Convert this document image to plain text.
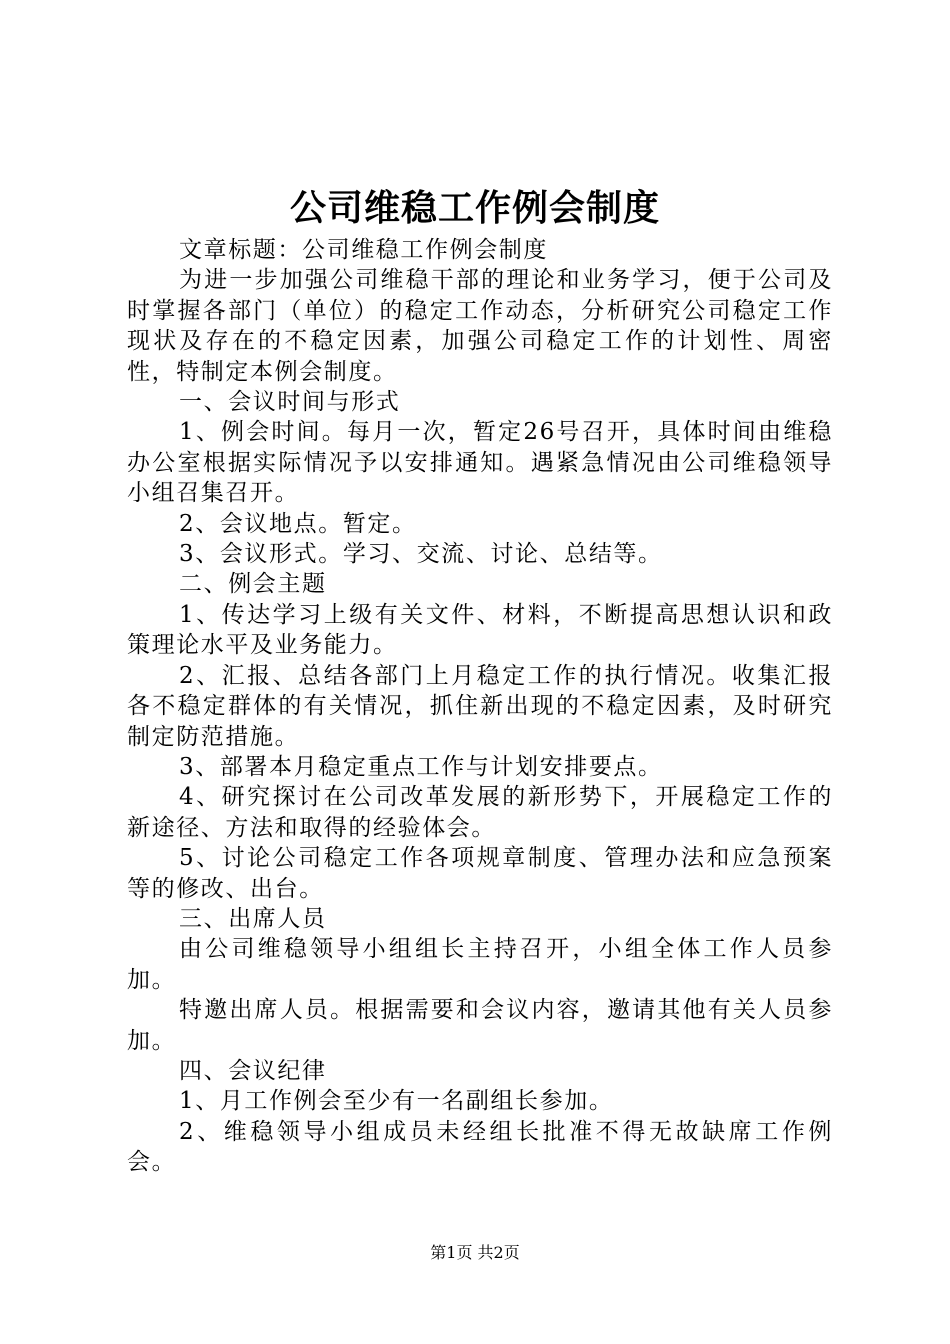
公司维稳工作例会制度

文章标题：公司维稳工作例会制度

为进一步加强公司维稳干部的理论和业务学习，便于公司及时掌握各部门（单位）的稳定工作动态，分析研究公司稳定工作现状及存在的不稳定因素，加强公司稳定工作的计划性、周密性，特制定本例会制度。

一、会议时间与形式

1、例会时间。每月一次，暂定26号召开，具体时间由维稳办公室根据实际情况予以安排通知。遇紧急情况由公司维稳领导小组召集召开。

2、会议地点。暂定。

3、会议形式。学习、交流、讨论、总结等。

二、例会主题

1、传达学习上级有关文件、材料，不断提高思想认识和政策理论水平及业务能力。

2、汇报、总结各部门上月稳定工作的执行情况。收集汇报各不稳定群体的有关情况，抓住新出现的不稳定因素，及时研究制定防范措施。

3、部署本月稳定重点工作与计划安排要点。

4、研究探讨在公司改革发展的新形势下，开展稳定工作的新途径、方法和取得的经验体会。

5、讨论公司稳定工作各项规章制度、管理办法和应急预案等的修改、出台。

三、出席人员

由公司维稳领导小组组长主持召开，小组全体工作人员参加。

特邀出席人员。根据需要和会议内容，邀请其他有关人员参加。

四、会议纪律

1、月工作例会至少有一名副组长参加。

2、维稳领导小组成员未经组长批准不得无故缺席工作例会。

第1页 共2页
